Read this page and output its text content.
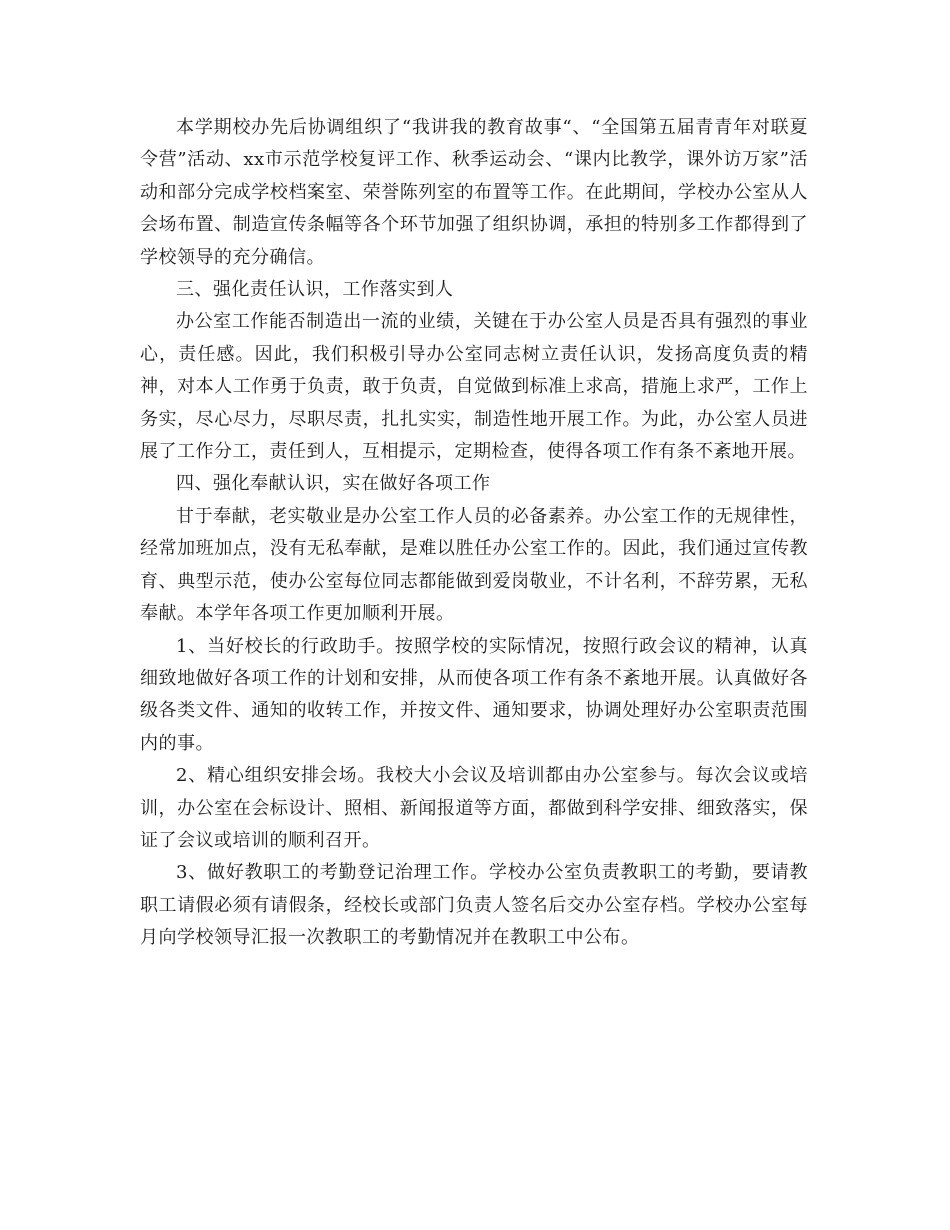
本学期校办先后协调组织了“我讲我的教育故事“、“全国第五届青青年对联夏令营”活动、xx市示范学校复评工作、秋季运动会、“课内比教学，课外访万家”活动和部分完成学校档案室、荣誉陈列室的布置等工作。在此期间，学校办公室从人会场布置、制造宣传条幅等各个环节加强了组织协调，承担的特别多工作都得到了学校领导的充分确信。

三、强化责任认识，工作落实到人

办公室工作能否制造出一流的业绩，关键在于办公室人员是否具有强烈的事业心，责任感。因此，我们积极引导办公室同志树立责任认识，发扬高度负责的精神，对本人工作勇于负责，敢于负责，自觉做到标准上求高，措施上求严，工作上务实，尽心尽力，尽职尽责，扎扎实实，制造性地开展工作。为此，办公室人员进展了工作分工，责任到人，互相提示，定期检查，使得各项工作有条不紊地开展。

四、强化奉献认识，实在做好各项工作

甘于奉献，老实敬业是办公室工作人员的必备素养。办公室工作的无规律性，经常加班加点，没有无私奉献，是难以胜任办公室工作的。因此，我们通过宣传教育、典型示范，使办公室每位同志都能做到爱岗敬业，不计名利，不辞劳累，无私奉献。本学年各项工作更加顺利开展。

1、当好校长的行政助手。按照学校的实际情况，按照行政会议的精神，认真细致地做好各项工作的计划和安排，从而使各项工作有条不紊地开展。认真做好各级各类文件、通知的收转工作，并按文件、通知要求，协调处理好办公室职责范围内的事。

2、精心组织安排会场。我校大小会议及培训都由办公室参与。每次会议或培训，办公室在会标设计、照相、新闻报道等方面，都做到科学安排、细致落实，保证了会议或培训的顺利召开。

3、做好教职工的考勤登记治理工作。学校办公室负责教职工的考勤，要请教职工请假必须有请假条，经校长或部门负责人签名后交办公室存档。学校办公室每月向学校领导汇报一次教职工的考勤情况并在教职工中公布。
